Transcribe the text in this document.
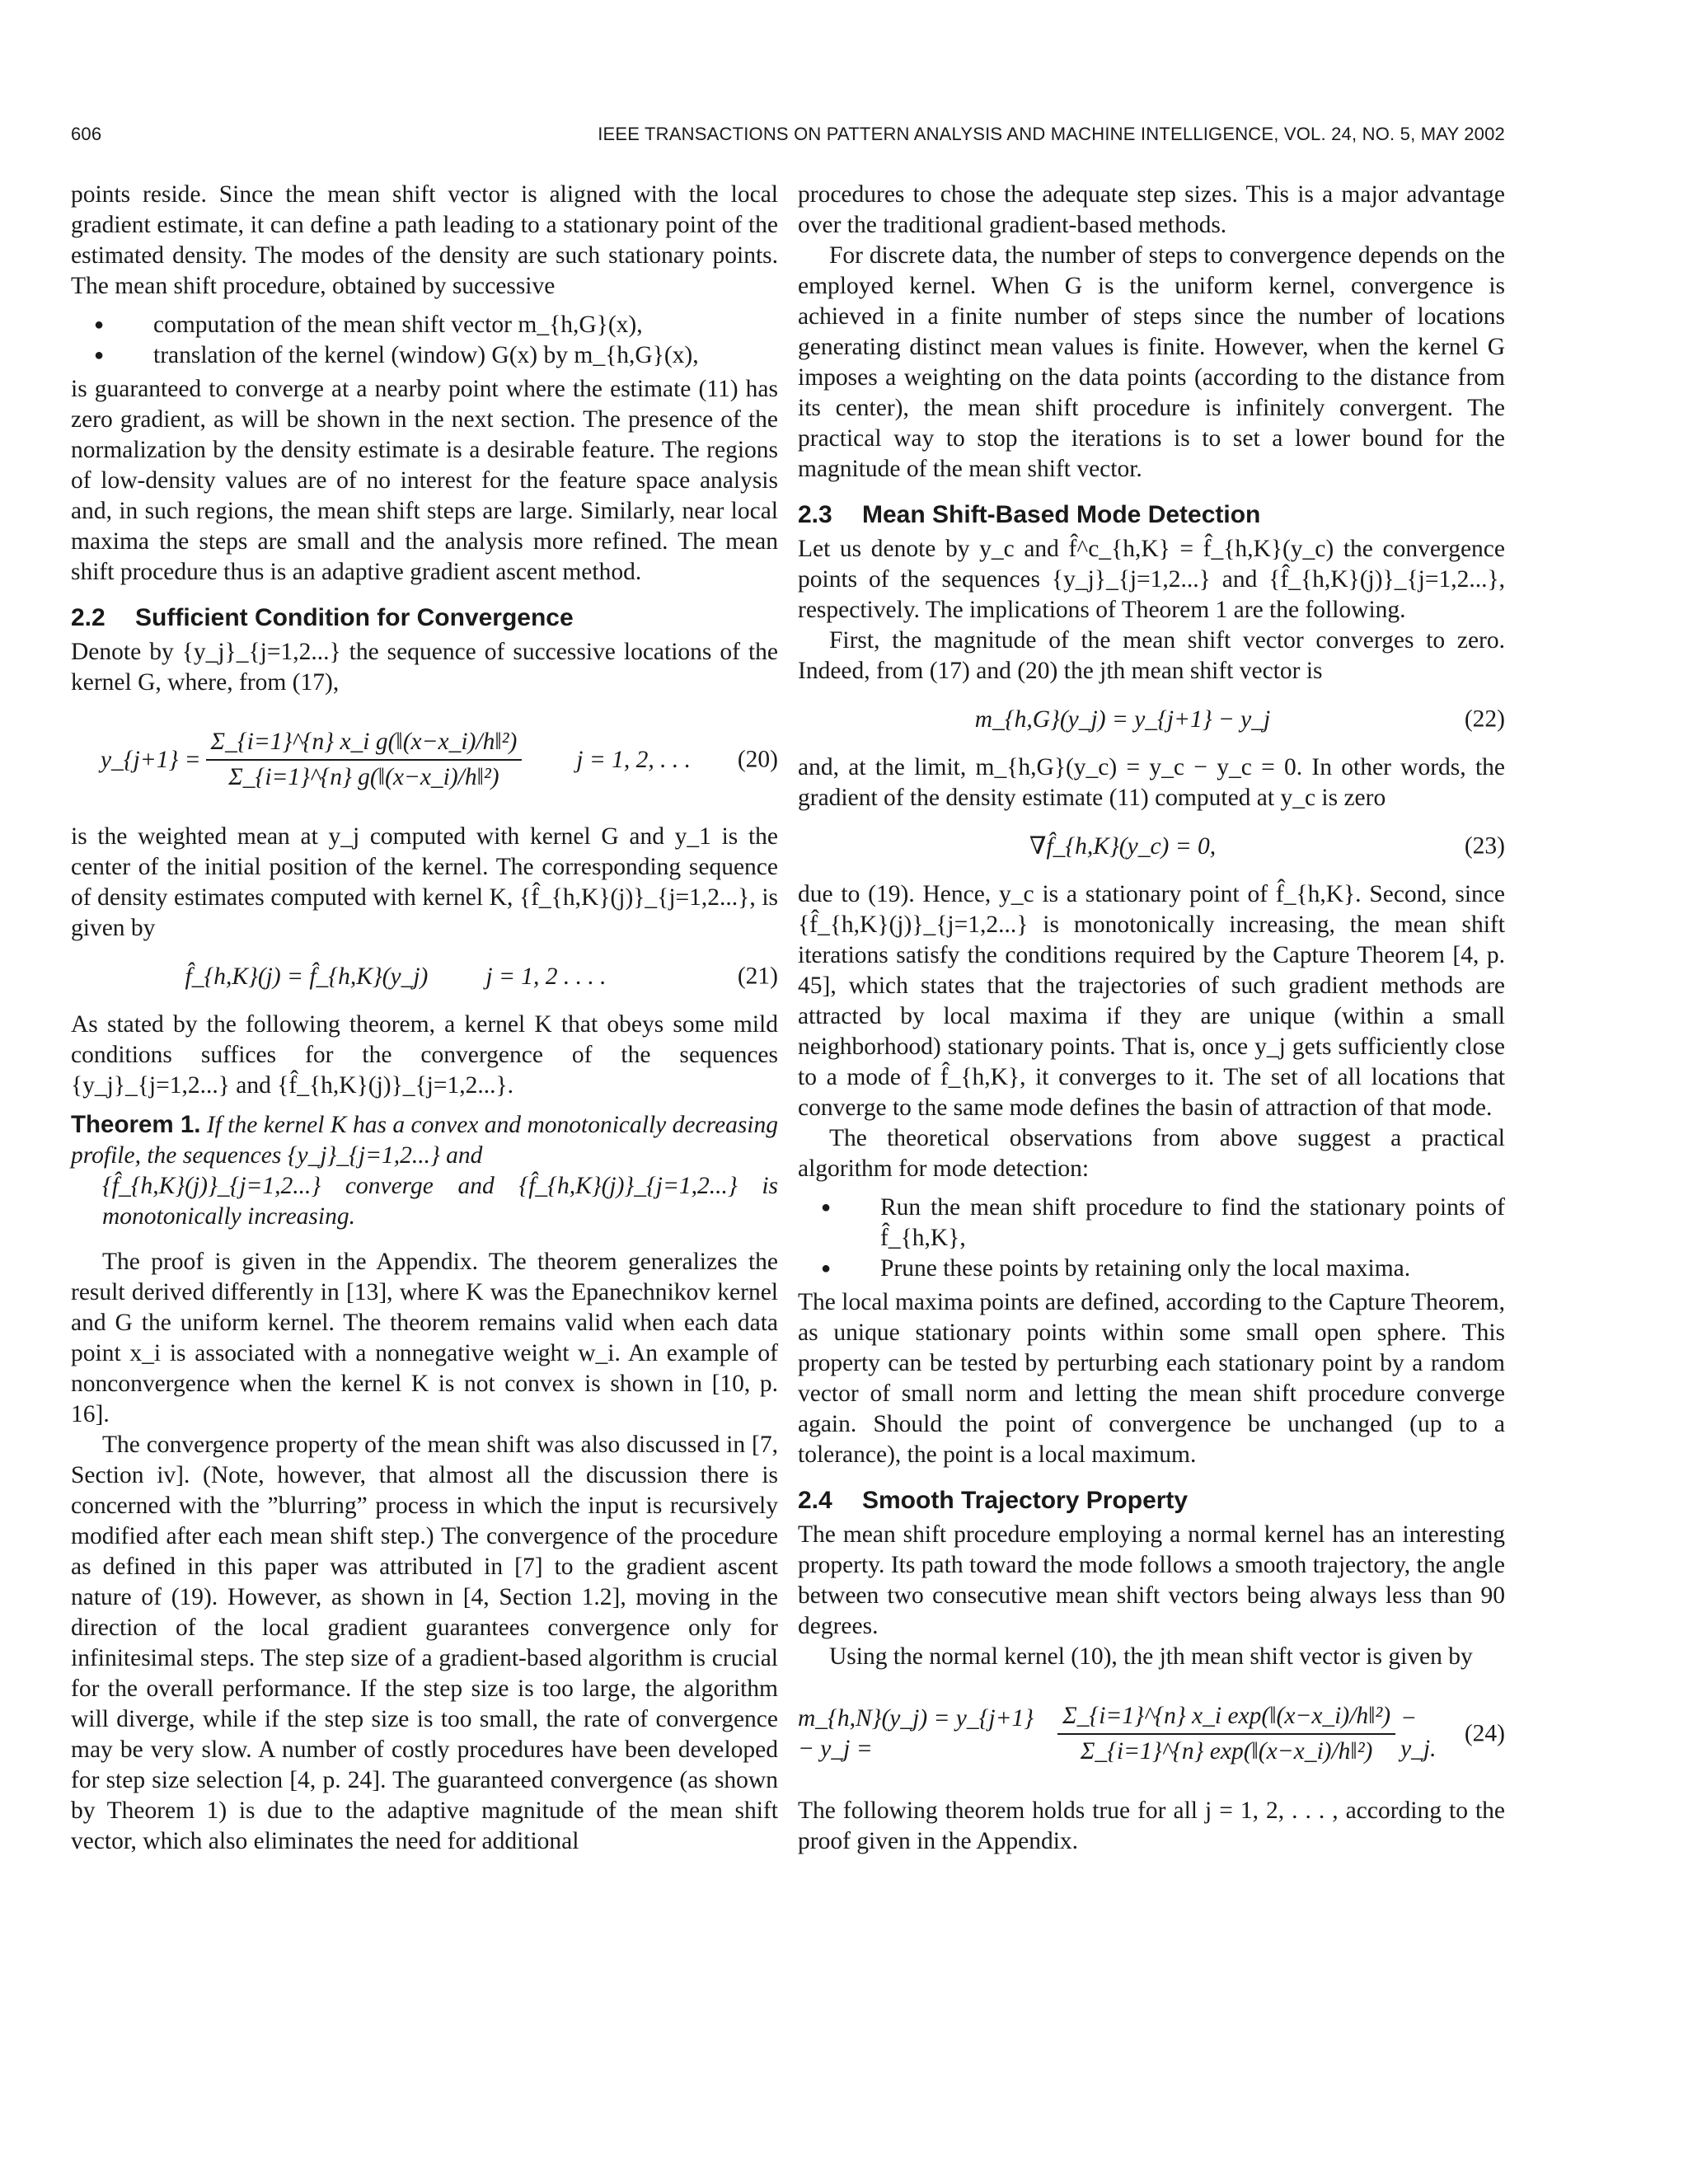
606	IEEE TRANSACTIONS ON PATTERN ANALYSIS AND MACHINE INTELLIGENCE, VOL. 24, NO. 5, MAY 2002

points reside. Since the mean shift vector is aligned with the local gradient estimate, it can define a path leading to a stationary point of the estimated density. The modes of the density are such stationary points. The mean shift procedure, obtained by successive

● computation of the mean shift vector m_{h,G}(x),
● translation of the kernel (window) G(x) by m_{h,G}(x),

is guaranteed to converge at a nearby point where the estimate (11) has zero gradient, as will be shown in the next section. The presence of the normalization by the density estimate is a desirable feature. The regions of low-density values are of no interest for the feature space analysis and, in such regions, the mean shift steps are large. Similarly, near local maxima the steps are small and the analysis more refined. The mean shift procedure thus is an adaptive gradient ascent method.

2.2 Sufficient Condition for Convergence

Denote by {y_j}_{j=1,2...} the sequence of successive locations of the kernel G, where, from (17),

y_{j+1} = $\frac{\text{Σ\_\{i=1\}\textasciicircum{}\{n\} x\_i g(‖(x−x\_i)/h‖²)}}{\text{Σ\_\{i=1\}\textasciicircum{}\{n\} g(‖(x−x\_i)/h‖²)}}$ j = 1, 2, . . . (20)

is the weighted mean at y_j computed with kernel G and y_1 is the center of the initial position of the kernel. The corresponding sequence of density estimates computed with kernel K, {f̂_{h,K}(j)}_{j=1,2...}, is given by

f̂_{h,K}(j) = f̂_{h,K}(y_j) j = 1, 2 . . . .	(21)

As stated by the following theorem, a kernel K that obeys some mild conditions suffices for the convergence of the sequences {y_j}_{j=1,2...} and {f̂_{h,K}(j)}_{j=1,2...}.

Theorem 1. If the kernel K has a convex and monotonically decreasing profile, the sequences {y_j}_{j=1,2...} and

{f̂_{h,K}(j)}_{j=1,2...} converge and {f̂_{h,K}(j)}_{j=1,2...} is monotonically increasing.

The proof is given in the Appendix. The theorem generalizes the result derived differently in [13], where K was the Epanechnikov kernel and G the uniform kernel. The theorem remains valid when each data point x_i is associated with a nonnegative weight w_i. An example of nonconvergence when the kernel K is not convex is shown in [10, p. 16].

The convergence property of the mean shift was also discussed in [7, Section iv]. (Note, however, that almost all the discussion there is concerned with the ”blurring” process in which the input is recursively modified after each mean shift step.) The convergence of the procedure as defined in this paper was attributed in [7] to the gradient ascent nature of (19). However, as shown in [4, Section 1.2], moving in the direction of the local gradient guarantees convergence only for infinitesimal steps. The step size of a gradient-based algorithm is crucial for the overall performance. If the step size is too large, the algorithm will diverge, while if the step size is too small, the rate of convergence may be very slow. A number of costly procedures have been developed for step size selection [4, p. 24]. The guaranteed convergence (as shown by Theorem 1) is due to the adaptive magnitude of the mean shift vector, which also eliminates the need for additional

procedures to chose the adequate step sizes. This is a major advantage over the traditional gradient-based methods.

For discrete data, the number of steps to convergence depends on the employed kernel. When G is the uniform kernel, convergence is achieved in a finite number of steps since the number of locations generating distinct mean values is finite. However, when the kernel G imposes a weighting on the data points (according to the distance from its center), the mean shift procedure is infinitely convergent. The practical way to stop the iterations is to set a lower bound for the magnitude of the mean shift vector.

2.3 Mean Shift-Based Mode Detection

Let us denote by y_c and f̂^c_{h,K} = f̂_{h,K}(y_c) the convergence points of the sequences {y_j}_{j=1,2...} and {f̂_{h,K}(j)}_{j=1,2...}, respectively. The implications of Theorem 1 are the following.

First, the magnitude of the mean shift vector converges to zero. Indeed, from (17) and (20) the jth mean shift vector is

m_{h,G}(y_j) = y_{j+1} − y_j	(22)

and, at the limit, m_{h,G}(y_c) = y_c − y_c = 0. In other words, the gradient of the density estimate (11) computed at y_c is zero

∇f̂_{h,K}(y_c) = 0,	(23)

due to (19). Hence, y_c is a stationary point of f̂_{h,K}. Second, since {f̂_{h,K}(j)}_{j=1,2...} is monotonically increasing, the mean shift iterations satisfy the conditions required by the Capture Theorem [4, p. 45], which states that the trajectories of such gradient methods are attracted by local maxima if they are unique (within a small neighborhood) stationary points. That is, once y_j gets sufficiently close to a mode of f̂_{h,K}, it converges to it. The set of all locations that converge to the same mode defines the basin of attraction of that mode.

The theoretical observations from above suggest a practical algorithm for mode detection:

● Run the mean shift procedure to find the stationary points of f̂_{h,K},
● Prune these points by retaining only the local maxima.

The local maxima points are defined, according to the Capture Theorem, as unique stationary points within some small open sphere. This property can be tested by perturbing each stationary point by a random vector of small norm and letting the mean shift procedure converge again. Should the point of convergence be unchanged (up to a tolerance), the point is a local maximum.

2.4 Smooth Trajectory Property

The mean shift procedure employing a normal kernel has an interesting property. Its path toward the mode follows a smooth trajectory, the angle between two consecutive mean shift vectors being always less than 90 degrees.

Using the normal kernel (10), the jth mean shift vector is given by

m_{h,N}(y_j) = y_{j+1} − y_j =	$\frac{\text{Σ\_\{i=1\}\textasciicircum{}\{n\} x\_i exp(‖(x−x\_i)/h‖²)}}{\text{Σ\_\{i=1\}\textasciicircum{}\{n\} exp(‖(x−x\_i)/h‖²)}}$ − y_j.
(24)

The following theorem holds true for all j = 1, 2, . . . , according to the proof given in the Appendix.
